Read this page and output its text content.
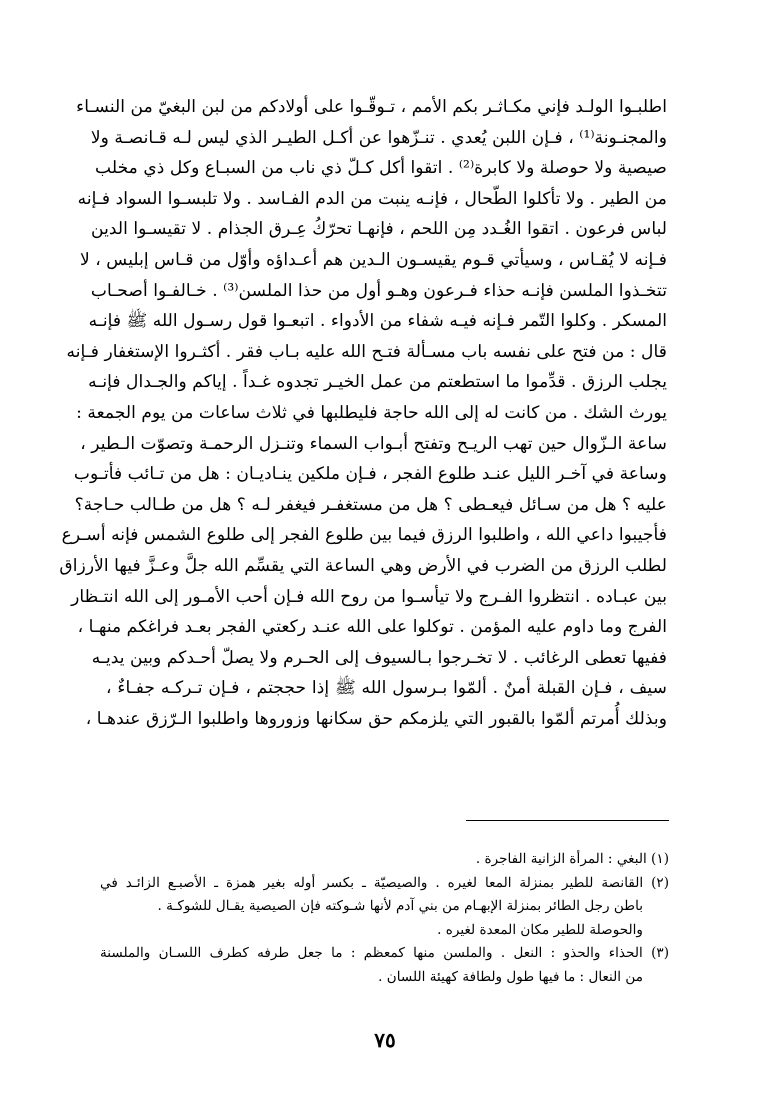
اطلبـوا الولـد فإني مكـاثـر بكم الأمم ، تـوقّـوا على أولادكم من لبن البغيّ من النسـاء
والمجنـونة⁽¹⁾ ، فـإن اللبن يُعدي . تنـزّهوا عن أكـل الطيـر الذي ليس لـه قـانصـة ولا
صيصية ولا حوصلة ولا كابرة⁽²⁾ . اتقوا أكل كـلّ ذي ناب من السبـاع وكل ذي مخلب
من الطير . ولا تأكلوا الطّحال ، فإنـه ينبت من الدم الفـاسد . ولا تلبسـوا السواد فـإنه
لباس فرعون . اتقوا الغُـدد مِن اللحم ، فإنهـا تحرّكُ عِـرق الجذام . لا تقيسـوا الدين
فـإنه لا يُقـاس ، وسيأتي قـوم يقيسـون الـدين هم أعـداؤه وأوّل من قـاس إبليس ، لا
تتخـذوا الملسن فإنـه حذاء فـرعون وهـو أول من حذا الملسن⁽³⁾ . خـالفـوا أصحـاب
المسكر . وكلوا التّمر فـإنه فيـه شفاء من الأدواء . اتبعـوا قول رسـول الله ﷺ فإنـه
قال : من فتح على نفسه باب مسـألة فتـح الله عليه بـاب فقر . أكثـروا الإستغفار فـإنه
يجلب الرزق . قدِّموا ما استطعتم من عمل الخيـر تجدوه غـداً . إياكم والجـدال فإنـه
يورث الشك . من كانت له إلى الله حاجة فليطلبها في ثلاث ساعات من يوم الجمعة :
ساعة الـزّوال حين تهب الريـح وتفتح أبـواب السماء وتنـزل الرحمـة وتصوّت الـطير ،
وساعة في آخـر الليل عنـد طلوع الفجر ، فـإن ملكين ينـاديـان : هل من تـائب فأتـوب
عليه ؟ هل من سـائل فيعـطى ؟ هل من مستغفـر فيغفر لـه ؟ هل من طـالب حـاجة؟
فأجيبوا داعي الله ، واطلبوا الرزق فيما بين طلوع الفجر إلى طلوع الشمس فإنه أسـرع
لطلب الرزق من الضرب في الأرض وهي الساعة التي يقسِّم الله جلَّ وعـزَّ فيها الأرزاق
بين عبـاده . انتظروا الفـرج ولا تيأسـوا من روح الله فـإن أحب الأمـور إلى الله انتـظار
الفرج وما داوم عليه المؤمن . توكلوا على الله عنـد ركعتي الفجر بعـد فراغكم منهـا ،
ففيها تعطى الرغائب . لا تخـرجوا بـالسيوف إلى الحـرم ولا يصلّ أحـدكم وبين يديـه
سيف ، فـإن القبلة أمنٌ . ألمّوا بـرسول الله ﷺ إذا حججتم ، فـإن تـركـه جفـاءٌ ،
وبذلك أُمرتم ألمّوا بالقبور التي يلزمكم حق سكانها وزوروها واطلبوا الـرّزق عندهـا ،
(١) البغي : المرأة الزانية الفاجرة .
(٢) القانصة للطير بمنزلة المعا لغيره . والصيصيّة ـ بكسر أوله بغير همزة ـ الأصبـع الزائـد في
باطن رجل الطائر بمنزلة الإبهـام من بني آدم لأنها شـوكته فإن الصيصية يقـال للشوكـة .
والحوصلة للطير مكان المعدة لغيره .
(٣) الحذاء والحذو : النعل . والملسن منها كمعظم : ما جعل طرفه كطرف اللسـان والملسنة
من النعال : ما فيها طول ولطافة كهيئة اللسان .
٧٥
